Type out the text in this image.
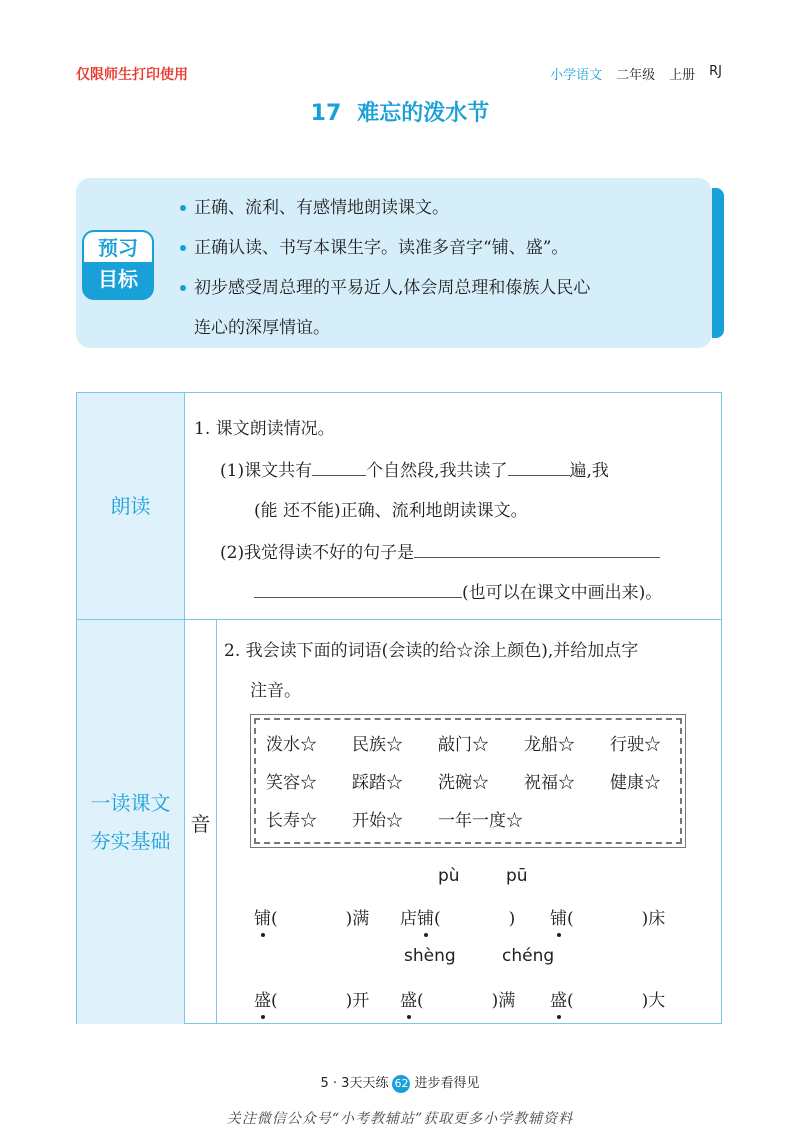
仅限师生打印使用	小学语文 二年级 上册 RJ
17 难忘的泼水节
预习
目标
正确、流利、有感情地朗读课文。
正确认读、书写本课生字。读准多音字“铺、盛”。
初步感受周总理的平易近人,体会周总理和傣族人民心
连心的深厚情谊。
朗读
一读课文
夯实基础
音
1. 课文朗读情况。
(1)课文共有	个自然段,我共读了	遍,我
(能 还不能)正确、流利地朗读课文。
(2)我觉得读不好的句子是
(也可以在课文中画出来)。
2. 我会读下面的词语(会读的给☆涂上颜色),并给加点字
注音。
泼水☆ 民族☆ 敲门☆ 龙船☆ 行驶☆
笑容☆ 踩踏☆ 洗碗☆ 祝福☆ 健康☆
长寿☆ 开始☆ 一年一度☆
pù	pū
铺(	)满 店铺(	) 铺(	)床
shèng	chéng
盛(	)开 盛(	)满 盛(	)大
5 · 3天天练 62 进步看得见
关注微信公众号“小考教辅站”获取更多小学教辅资料
